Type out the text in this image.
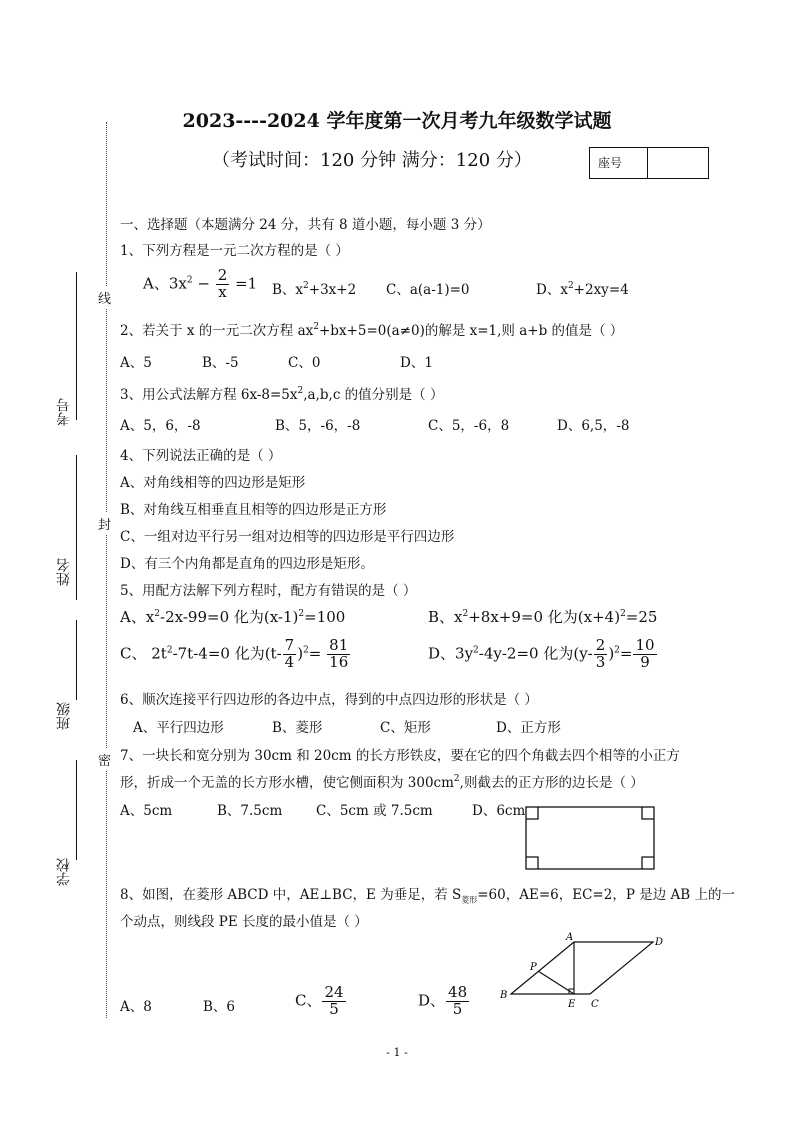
考号
姓名
班级
学校
线
封
密
2023----2024 学年度第一次月考九年级数学试题
（考试时间：120 分钟 满分：120 分）	座号
一、选择题（本题满分 24 分，共有 8 道小题，每小题 3 分）
1、下列方程是一元二次方程的是（ ）
A、$3x^2 - \frac{2}{x} =1$ B、$x^2+3x+2$ C、a(a-1)=0	D、$x^2+2xy=4$
2、若关于 x 的一元二次方程 $ax^2+bx+5=0(a\ne 0)$的解是 x=1,则 a+b 的值是（ ）
A、5	B、-5	C、0	D、1
3、用公式法解方程 $6x-8=5x^2,a,b,c$ 的值分别是（ ）
A、5，6，-8	B、5，-6，-8	C、5，-6，8	D、6,5，-8
4、下列说法正确的是（ ）
A、对角线相等的四边形是矩形
B、对角线互相垂直且相等的四边形是正方形
C、一组对边平行另一组对边相等的四边形是平行四边形
D、有三个内角都是直角的四边形是矩形。
5、用配方法解下列方程时，配方有错误的是（ ）
A、$x^2-2x-99=0$ 化为$(x-1)^2=100$	B、$x^2+8x+9=0$ 化为$(x+4)^2=25$
C、 $2t^2-7t-4=0$ 化为$(t- \frac{7}{4} )^2= \frac{81}{16}$	D、$3y^2-4y-2=0$ 化为$(y- \frac{2}{3} )^2= \frac{10}{9}$
6、顺次连接平行四边形的各边中点，得到的中点四边形的形状是（ ）
A、平行四边形	B、菱形	C、矩形	D、正方形
7、一块长和宽分别为 30cm 和 20cm 的长方形铁皮，要在它的四个角截去四个相等的小正方
形，折成一个无盖的长方形水槽，使它侧面积为 $300cm^2$,则截去的正方形的边长是（ ）
A、5cm	B、7.5cm C、5cm 或 7.5cm	D、6cm
8、如图，在菱形 ABCD 中，AE⊥BC，E 为垂足，若 $S_{菱形}=60$，AE=6，EC=2，P 是边 AB 上的一
个动点，则线段 PE 长度的最小值是（ ）
A、8	B、6	C、 $\frac{24}{5}$	D、 $\frac{48}{5}$
A	D
P
B
E C
- 1 -
